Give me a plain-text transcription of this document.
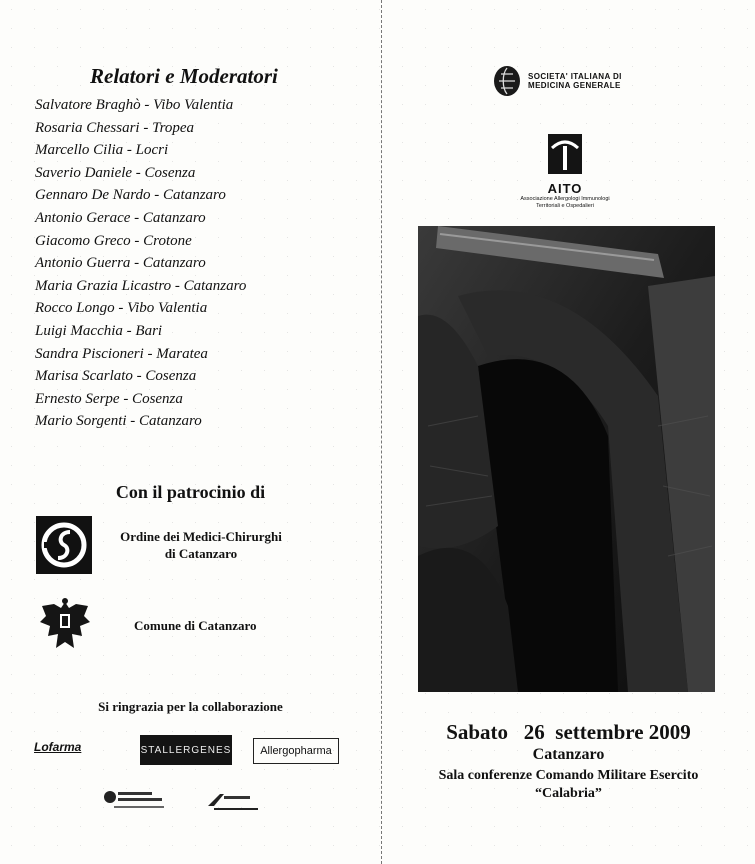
Relatori e Moderatori
Salvatore Braghò - Vibo Valentia
Rosaria Chessari - Tropea
Marcello Cilia - Locri
Saverio Daniele - Cosenza
Gennaro De Nardo - Catanzaro
Antonio Gerace - Catanzaro
Giacomo Greco - Crotone
Antonio Guerra - Catanzaro
Maria Grazia Licastro - Catanzaro
Rocco Longo - Vibo Valentia
Luigi Macchia - Bari
Sandra Piscioneri - Maratea
Marisa Scarlato - Cosenza
Ernesto Serpe - Cosenza
Mario Sorgenti - Catanzaro
Con il patrocinio di
Ordine dei Medici-Chirurghi
di Catanzaro
Comune di Catanzaro
Si ringrazia per la collaborazione
Lofarma	STALLERGENES	Allergopharma
SOCIETA' ITALIANA DI
MEDICINA GENERALE
AITO
Associazione Allergologi Immunologi
Territoriali e Ospedalieri
Sabato   26  settembre 2009
Catanzaro
Sala conferenze Comando Militare Esercito
“Calabria”
